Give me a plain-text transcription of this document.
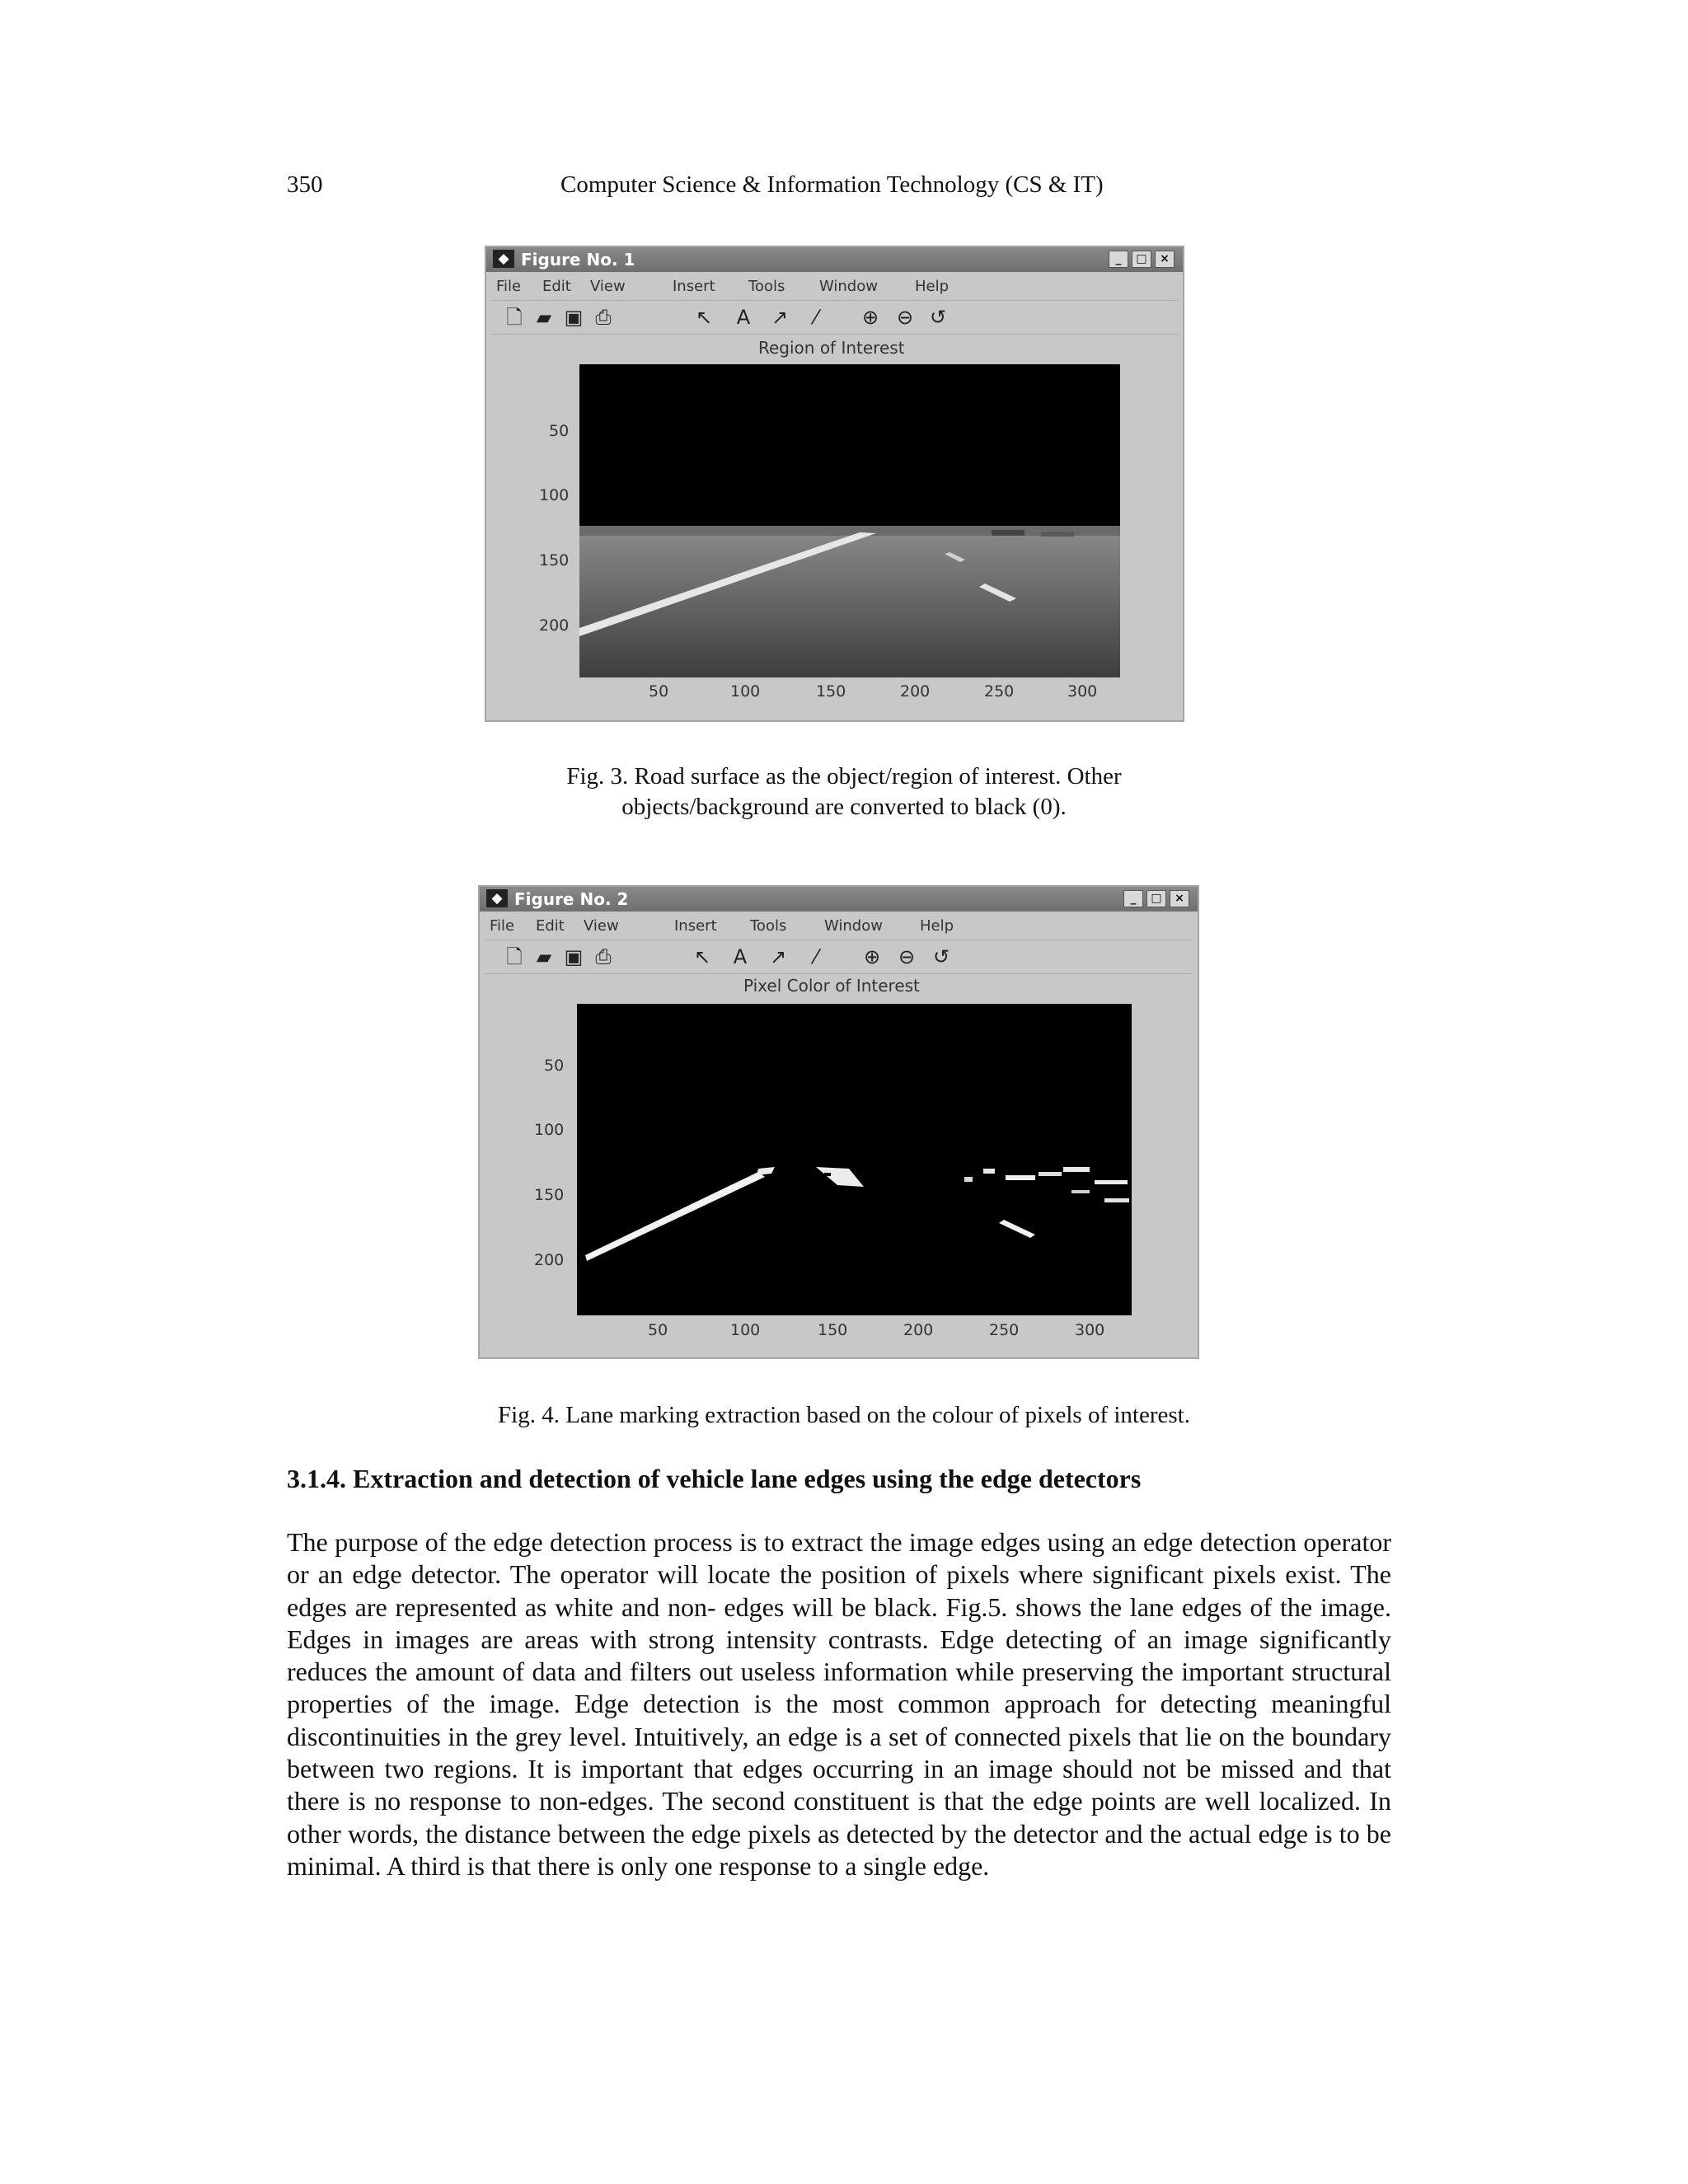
350	Computer Science & Information Technology (CS & IT)
◆ Figure No. 1	_	□	×
File Edit View	Insert Tools Window	Help
🗋 ▰ ▣ ⎙	↖ A ↗	⁄	⊕ ⊖ ↺
Region of Interest
50
100
150
200
50	100	150	200	250	300
Fig. 3. Road surface as the object/region of interest. Other
objects/background are converted to black (0).
◆ Figure No. 2	_	□	×
File Edit View	Insert Tools	Window	Help
🗋 ▰ ▣ ⎙	↖ A ↗	⁄	⊕ ⊖ ↺
Pixel Color of Interest
50
100
150
200
50	100	150	200	250	300
Fig. 4. Lane marking extraction based on the colour of pixels of interest.
3.1.4. Extraction and detection of vehicle lane edges using the edge detectors

The purpose of the edge detection process is to extract the image edges using an edge detection operator or an edge detector. The operator will locate the position of pixels where significant pixels exist. The edges are represented as white and non- edges will be black. Fig.5. shows the lane edges of the image. Edges in images are areas with strong intensity contrasts. Edge detecting of an image significantly reduces the amount of data and filters out useless information while preserving the important structural properties of the image. Edge detection is the most common approach for detecting meaningful discontinuities in the grey level. Intuitively, an edge is a set of connected pixels that lie on the boundary between two regions. It is important that edges occurring in an image should not be missed and that there is no response to non-edges. The second constituent is that the edge points are well localized. In other words, the distance between the edge pixels as detected by the detector and the actual edge is to be minimal. A third is that there is only one response to a single edge.
